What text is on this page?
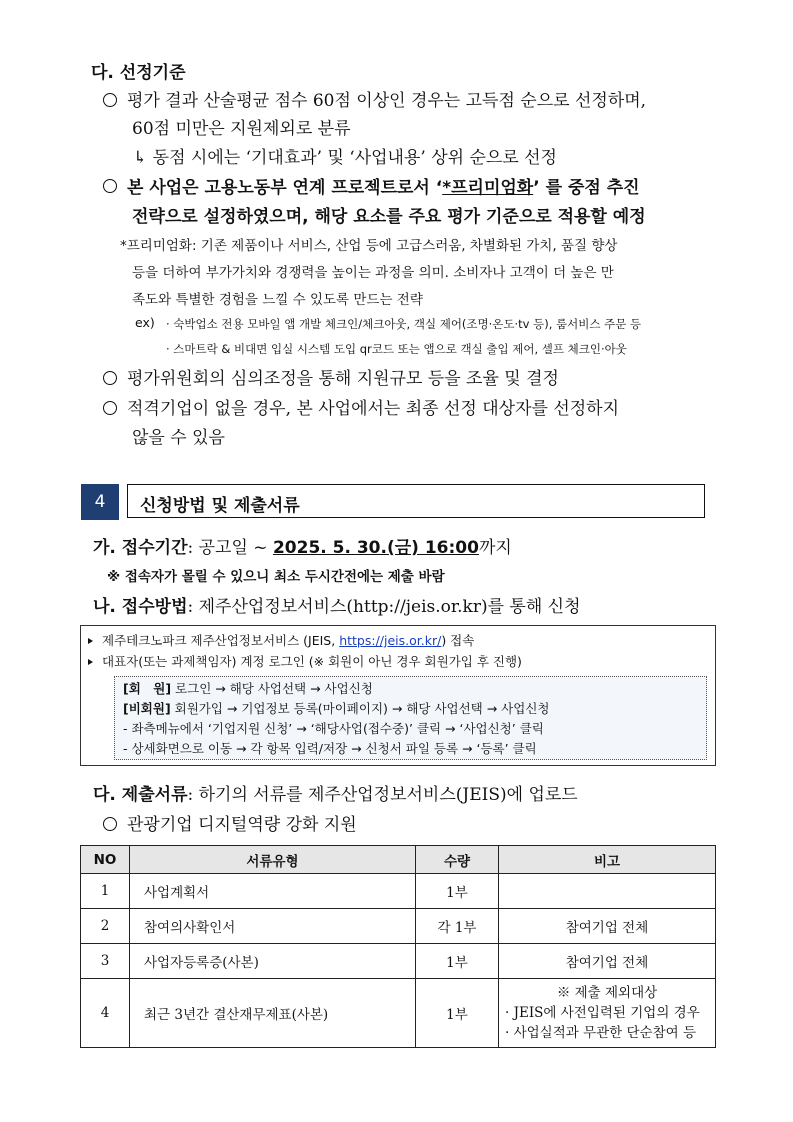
다. 선정기준
평가 결과 산술평균 점수 60점 이상인 경우는 고득점 순으로 선정하며,
60점 미만은 지원제외로 분류
↳ 동점 시에는 ‘기대효과’ 및 ‘사업내용’ 상위 순으로 선정
본 사업은 고용노동부 연계 프로젝트로서 ‘*프리미엄화’ 를 중점 추진
전략으로 설정하였으며, 해당 요소를 주요 평가 기준으로 적용할 예정
*프리미엄화: 기존 제품이나 서비스, 산업 등에 고급스러움, 차별화된 가치, 품질 향상
등을 더하여 부가가치와 경쟁력을 높이는 과정을 의미. 소비자나 고객이 더 높은 만
족도와 특별한 경험을 느낄 수 있도록 만드는 전략
ex) · 숙박업소 전용 모바일 앱 개발 체크인/체크아웃, 객실 제어(조명·온도·tv 등), 룸서비스 주문 등
· 스마트락 & 비대면 입실 시스템 도입 qr코드 또는 앱으로 객실 출입 제어, 셀프 체크인·아웃
평가위원회의 심의조정을 통해 지원규모 등을 조율 및 결정
적격기업이 없을 경우, 본 사업에서는 최종 선정 대상자를 선정하지
않을 수 있음
4	신청방법 및 제출서류
가. 접수기간: 공고일 ~ 2025. 5. 30.(금) 16:00까지
※ 접속자가 몰릴 수 있으니 최소 두시간전에는 제출 바람
나. 접수방법: 제주산업정보서비스(http://jeis.or.kr)를 통해 신청
제주테크노파크 제주산업정보서비스 (JEIS, https://jeis.or.kr/) 접속
대표자(또는 과제책임자) 계정 로그인 (※ 회원이 아닌 경우 회원가입 후 진행)
[회　원] 로그인 → 해당 사업선택 → 사업신청
[비회원] 회원가입 → 기업정보 등록(마이페이지) → 해당 사업선택 → 사업신청
- 좌측메뉴에서 ‘기업지원 신청’ → ‘해당사업(접수중)’ 클릭 → ‘사업신청’ 클릭
- 상세화면으로 이동 → 각 항목 입력/저장 → 신청서 파일 등록 → ‘등록’ 클릭
다. 제출서류: 하기의 서류를 제주산업정보서비스(JEIS)에 업로드
관광기업 디지털역량 강화 지원
NO	서류유형	수량	비고
1	사업계획서	1부	
2	참여의사확인서	각 1부	참여기업 전체
3	사업자등록증(사본)	1부	참여기업 전체
4	최근 3년간 결산재무제표(사본)	1부	※ 제출 제외대상
· JEIS에 사전입력된 기업의 경우
· 사업실적과 무관한 단순참여 등
